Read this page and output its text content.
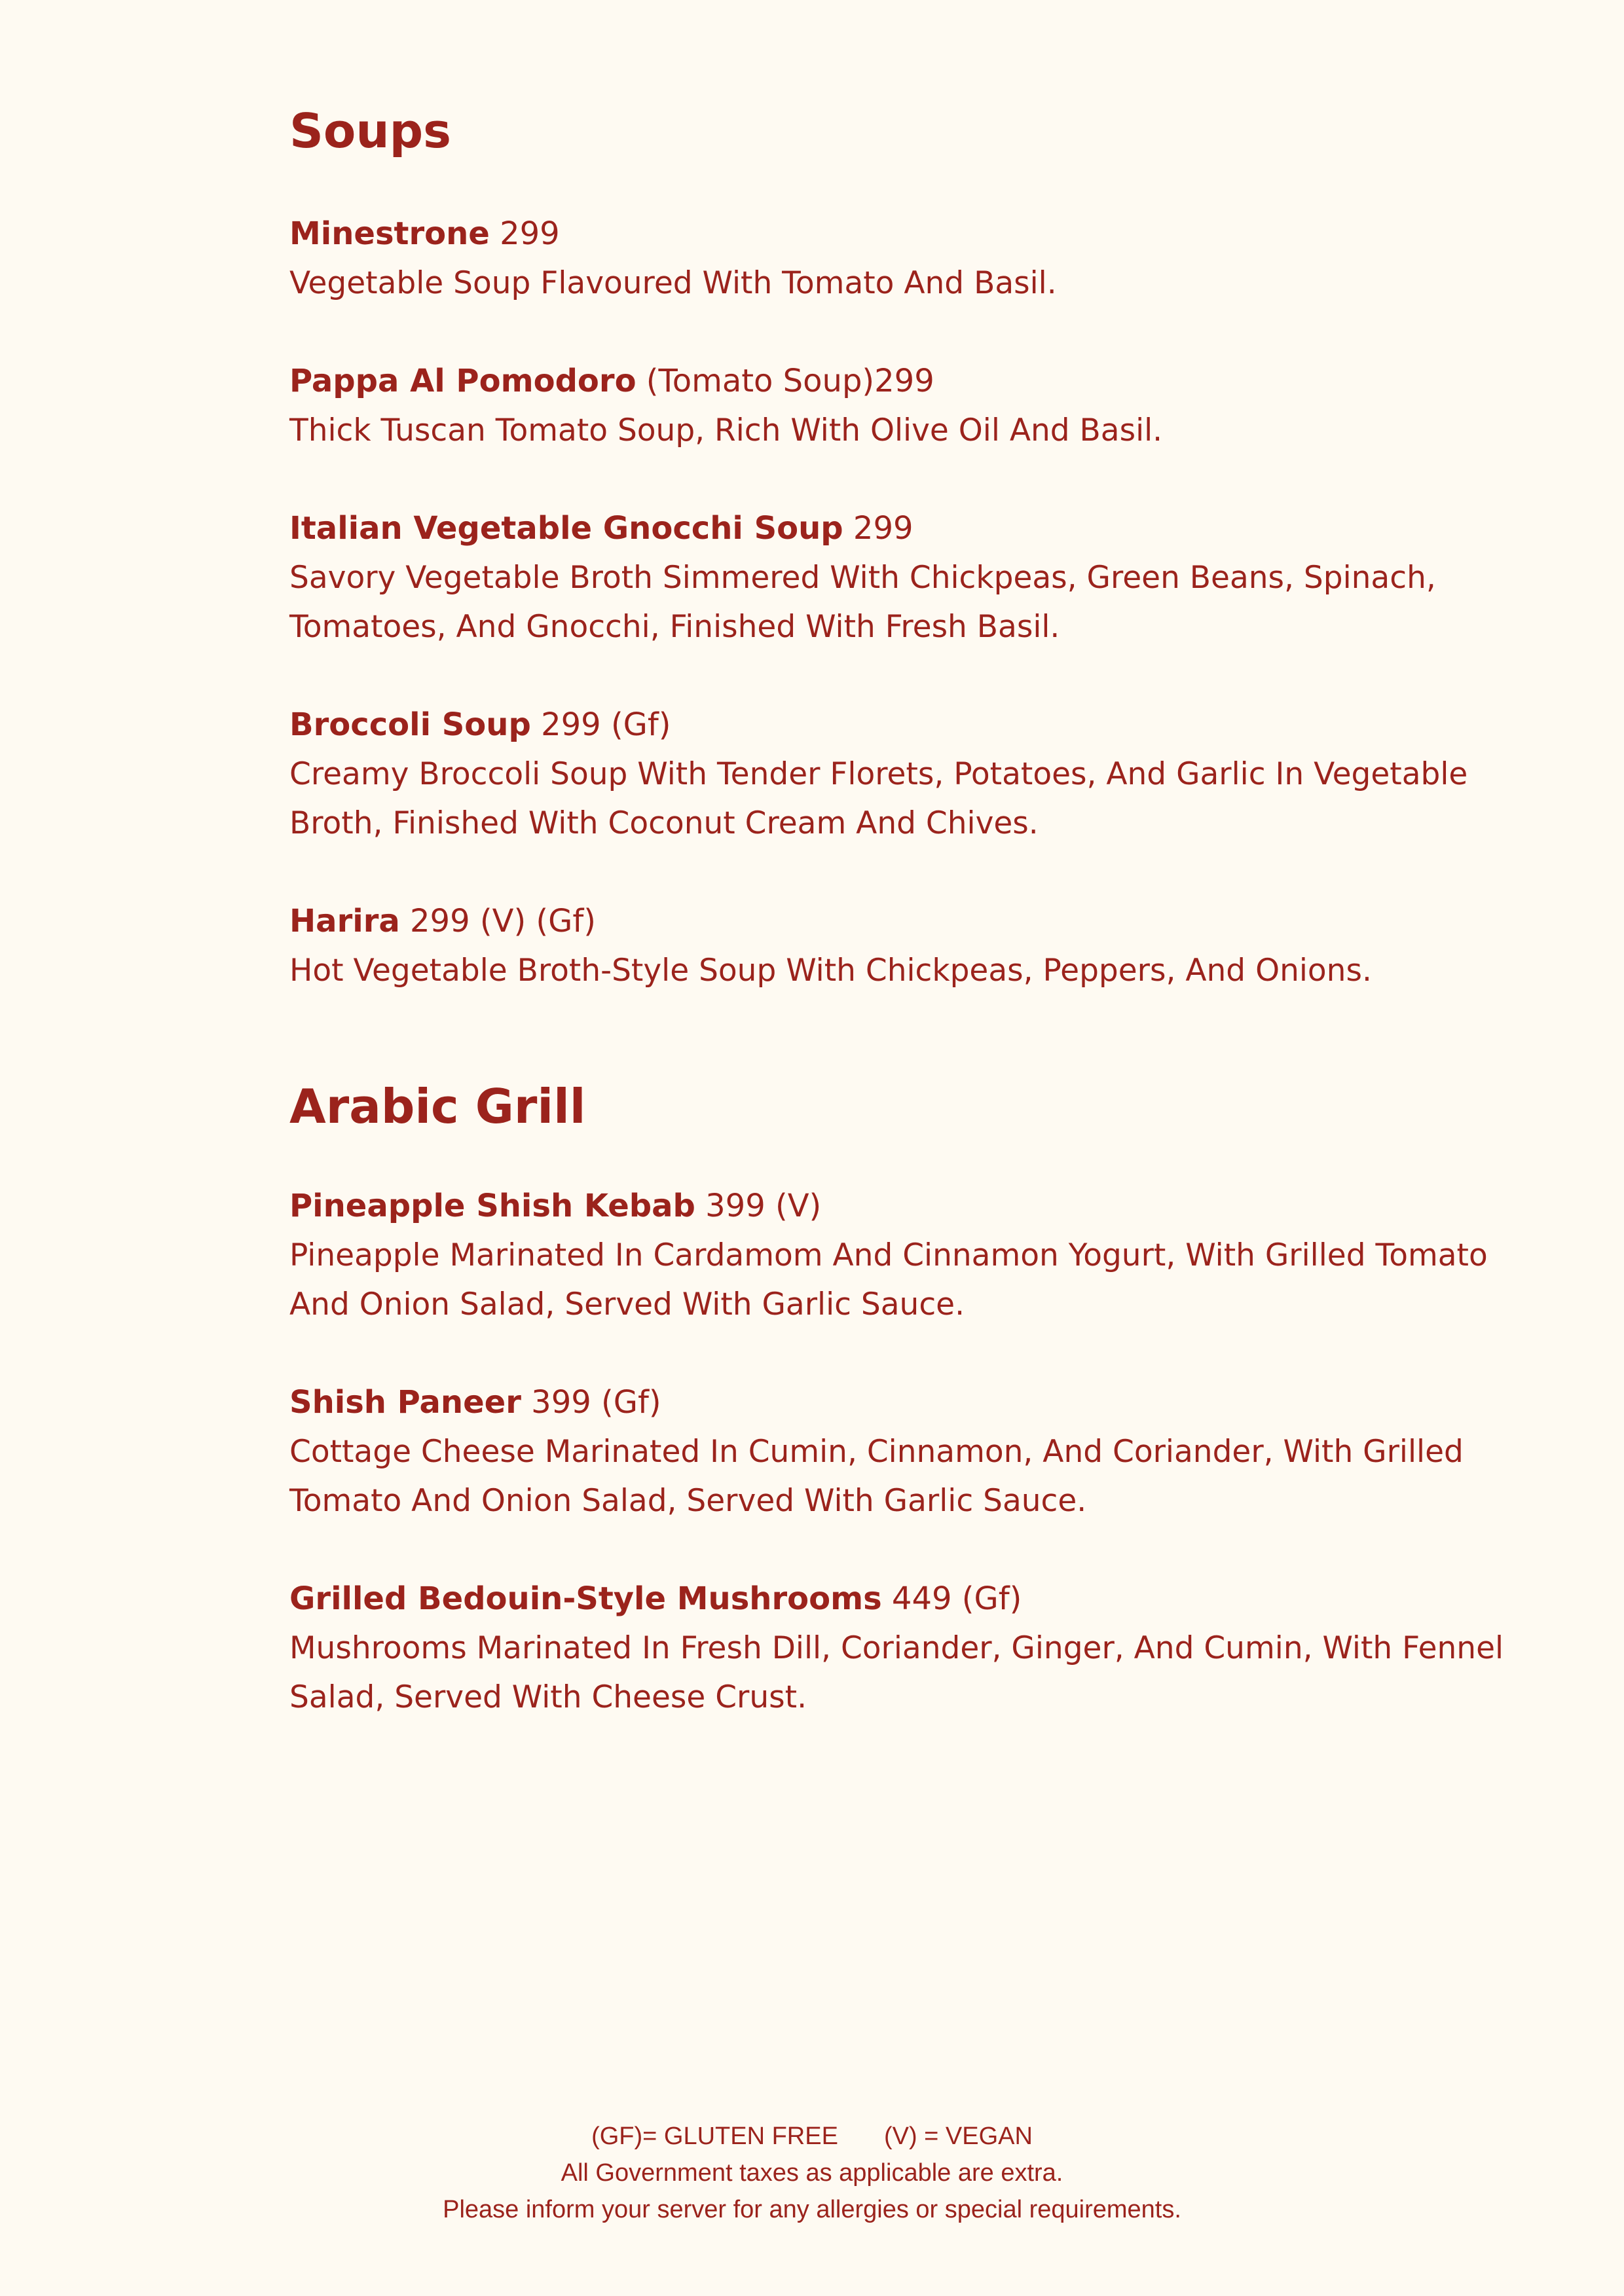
Soups
Minestrone 299

Vegetable Soup Flavoured With Tomato And Basil.

Pappa Al Pomodoro (Tomato Soup)299

Thick Tuscan Tomato Soup, Rich With Olive Oil And Basil.

Italian Vegetable Gnocchi Soup 299

Savory Vegetable Broth Simmered With Chickpeas, Green Beans, Spinach, Tomatoes, And Gnocchi, Finished With Fresh Basil.

Broccoli Soup 299 (Gf)

Creamy Broccoli Soup With Tender Florets, Potatoes, And Garlic In Vegetable Broth, Finished With Coconut Cream And Chives.

Harira 299 (V) (Gf)

Hot Vegetable Broth-Style Soup With Chickpeas, Peppers, And Onions.

Arabic Grill
Pineapple Shish Kebab 399 (V)

Pineapple Marinated In Cardamom And Cinnamon Yogurt, With Grilled Tomato And Onion Salad, Served With Garlic Sauce.

Shish Paneer 399 (Gf)

Cottage Cheese Marinated In Cumin, Cinnamon, And Coriander, With Grilled Tomato And Onion Salad, Served With Garlic Sauce.

Grilled Bedouin-Style Mushrooms 449 (Gf)

Mushrooms Marinated In Fresh Dill, Coriander, Ginger, And Cumin, With Fennel Salad, Served With Cheese Crust.

(GF)= GLUTEN FREE (V) = VEGAN
All Government taxes as applicable are extra.
Please inform your server for any allergies or special requirements.
